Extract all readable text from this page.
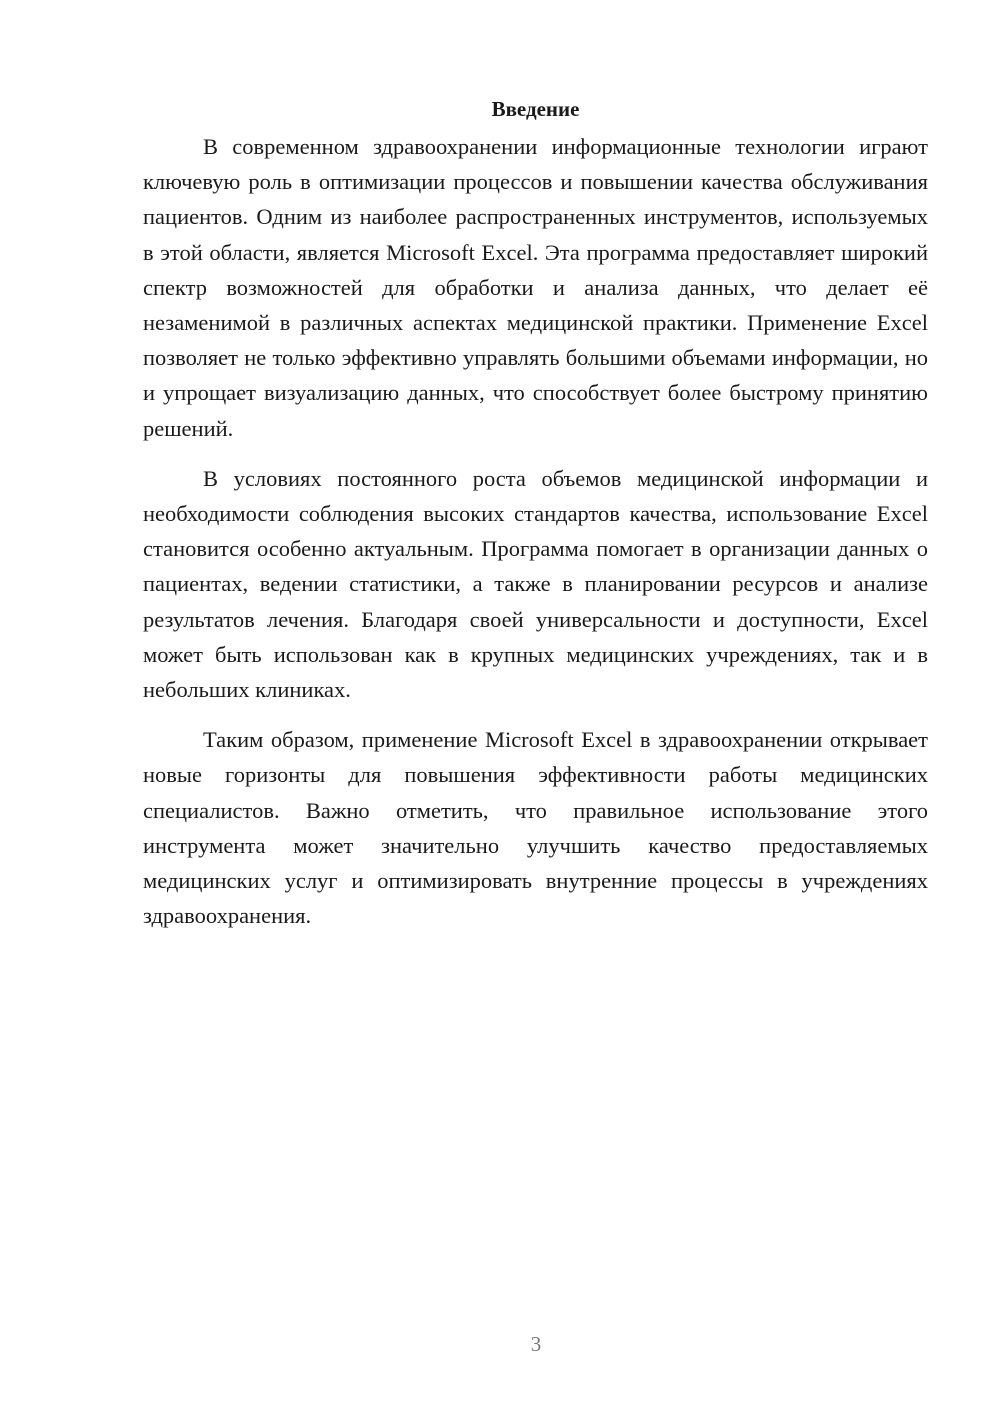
Введение

В современном здравоохранении информационные технологии играют ключевую роль в оптимизации процессов и повышении качества обслуживания пациентов. Одним из наиболее распространенных инструментов, используемых в этой области, является Microsoft Excel. Эта программа предоставляет широкий спектр возможностей для обработки и анализа данных, что делает её незаменимой в различных аспектах медицинской практики. Применение Excel позволяет не только эффективно управлять большими объемами информации, но и упрощает визуализацию данных, что способствует более быстрому принятию решений.

В условиях постоянного роста объемов медицинской информации и необходимости соблюдения высоких стандартов качества, использование Excel становится особенно актуальным. Программа помогает в организации данных о пациентах, ведении статистики, а также в планировании ресурсов и анализе результатов лечения. Благодаря своей универсальности и доступности, Excel может быть использован как в крупных медицинских учреждениях, так и в небольших клиниках.

Таким образом, применение Microsoft Excel в здравоохранении открывает новые горизонты для повышения эффективности работы медицинских специалистов. Важно отметить, что правильное использование этого инструмента может значительно улучшить качество предоставляемых медицинских услуг и оптимизировать внутренние процессы в учреждениях здравоохранения.

3
